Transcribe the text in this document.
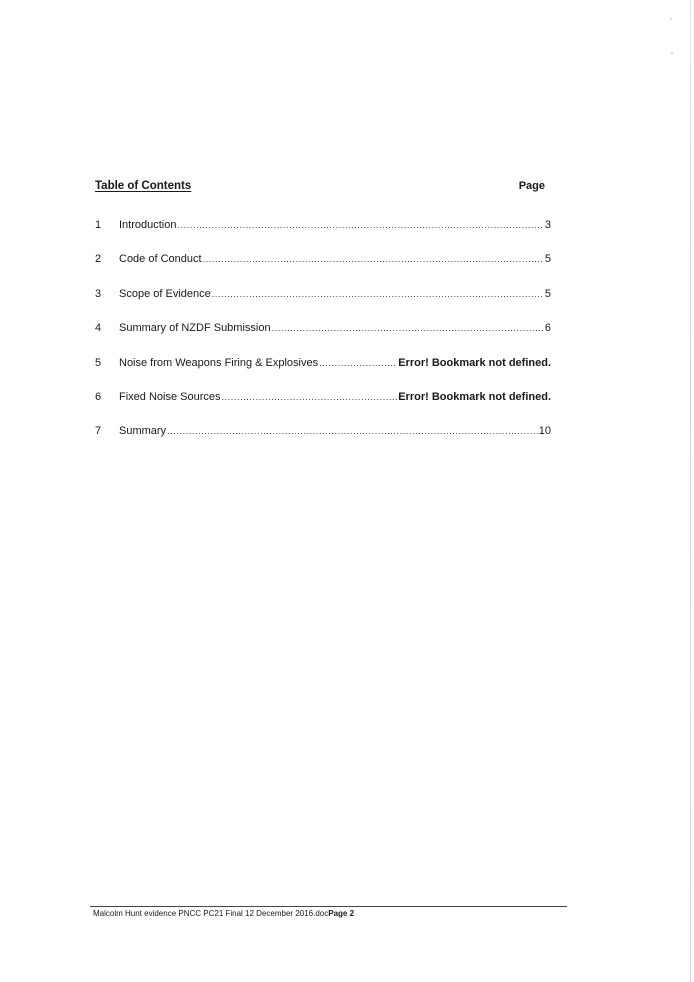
Table of Contents	Page
1	Introduction .....	3
2	Code of Conduct .....	5
3	Scope of Evidence .....	5
4	Summary of NZDF Submission .....	6
5	Noise from Weapons Firing & Explosives .....	Error! Bookmark not defined.
6	Fixed Noise Sources .....	Error! Bookmark not defined.
7	Summary .....	10
Malcolm Hunt evidence PNCC PC21 Final 12 December 2016.docPage 2
